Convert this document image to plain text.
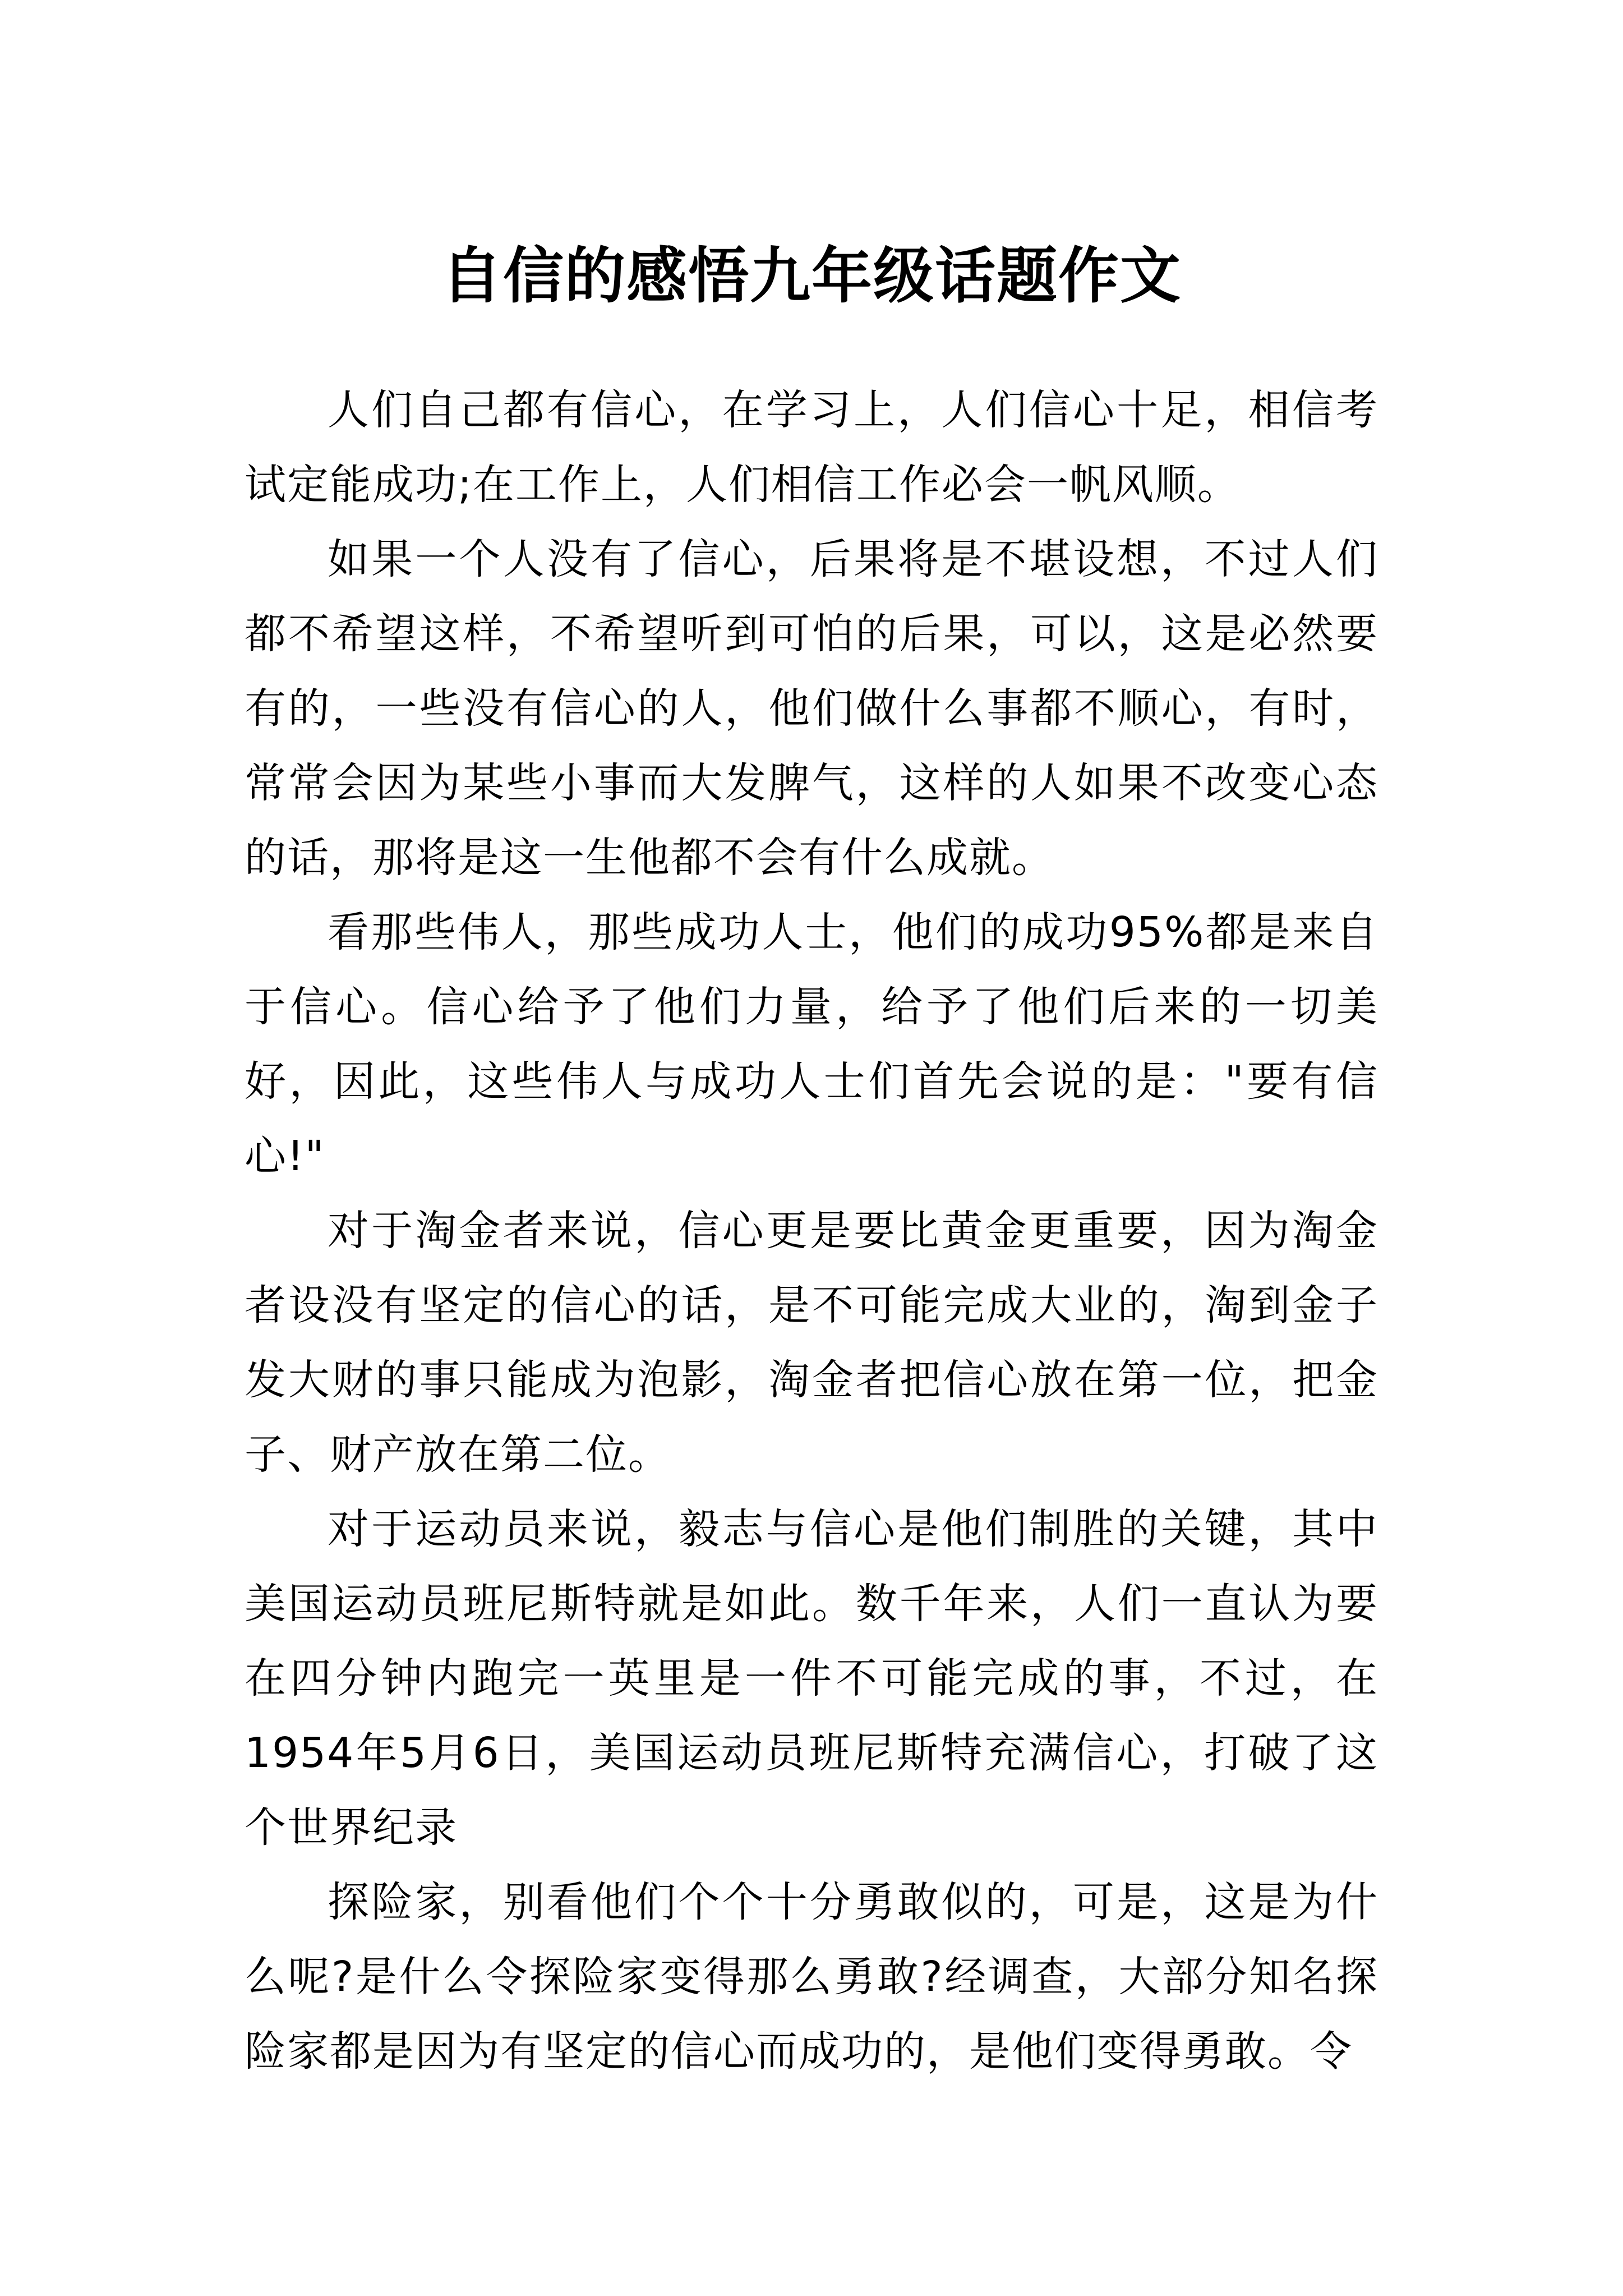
自信的感悟九年级话题作文

人们自己都有信心，在学习上，人们信心十足，相信考试定能成功;在工作上，人们相信工作必会一帆风顺。

如果一个人没有了信心，后果将是不堪设想，不过人们都不希望这样，不希望听到可怕的后果，可以，这是必然要有的，一些没有信心的人，他们做什么事都不顺心，有时，常常会因为某些小事而大发脾气，这样的人如果不改变心态的话，那将是这一生他都不会有什么成就。

看那些伟人，那些成功人士，他们的成功95%都是来自于信心。信心给予了他们力量，给予了他们后来的一切美好，因此，这些伟人与成功人士们首先会说的是："要有信心!"

对于淘金者来说，信心更是要比黄金更重要，因为淘金者设没有坚定的信心的话，是不可能完成大业的，淘到金子发大财的事只能成为泡影，淘金者把信心放在第一位，把金子、财产放在第二位。

对于运动员来说，毅志与信心是他们制胜的关键，其中美国运动员班尼斯特就是如此。数千年来，人们一直认为要在四分钟内跑完一英里是一件不可能完成的事，不过，在1954年5月6日，美国运动员班尼斯特充满信心，打破了这个世界纪录

探险家，别看他们个个十分勇敢似的，可是，这是为什么呢?是什么令探险家变得那么勇敢?经调查，大部分知名探险家都是因为有坚定的信心而成功的，是他们变得勇敢。令
